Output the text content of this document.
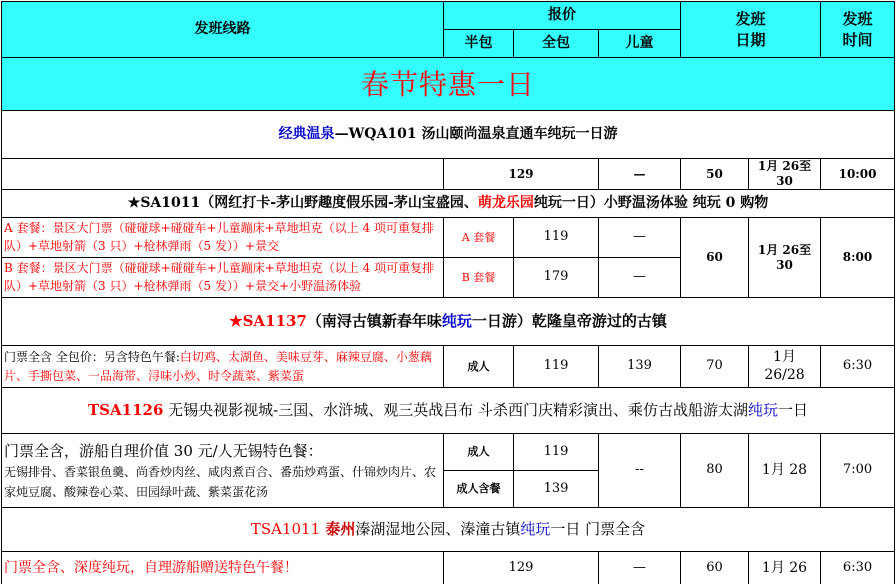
发班线路	报价			发班
日期		发班
时间
	半包	全包	儿童			
春节特惠一日						
经典温泉—WQA101 汤山颐尚温泉直通车纯玩一日游						
	129		—	50	1月 26至30	10:00
★SA1011（网红打卡-茅山野趣度假乐园-茅山宝盛园、萌龙乐园纯玩一日）小野温汤体验 纯玩 0 购物						
A 套餐：景区大门票（碰碰球+碰碰车+儿童蹦床+草地坦克（以上 4 项可重复排队）+草地射箭（3 只）+枪林弹雨（5 发））+景交	A 套餐	119	—	60	1月 26至30	8:00
B 套餐：景区大门票（碰碰球+碰碰车+儿童蹦床+草地坦克（以上 4 项可重复排队）+草地射箭（3 只）+枪林弹雨（5 发））+景交+小野温汤体验	B 套餐	179	—			
★SA1137（南浔古镇新春年味纯玩一日游）乾隆皇帝游过的古镇						
门票全含 全包价：另含特色午餐:白切鸡、太湖鱼、美味豆芽、麻辣豆腐、小葱藕片、手撕包菜、一品海带、浔味小炒、时令蔬菜、紫菜蛋	成人	119	139	70	1月 26/28	6:30
TSA1126 无锡央视影视城-三国、水浒城、观三英战吕布 斗杀西门庆精彩演出、乘仿古战船游太湖纯玩一日						
门票全含，游船自理价值 30 元/人无锡特色餐：
无锡排骨、香菜银鱼羹、尚香炒肉丝、咸肉煮百合、番茄炒鸡蛋、什锦炒肉片、农家炖豆腐、酸辣卷心菜、田园绿叶蔬、紫菜蛋花汤	成人	119	--	80	1月 28	7:00
	成人含餐	139				
TSA1011 泰州溱湖湿地公园、溱潼古镇纯玩一日 门票全含						
门票全含、深度纯玩，自理游船赠送特色午餐！	129		—	60	1月 26	6:30
